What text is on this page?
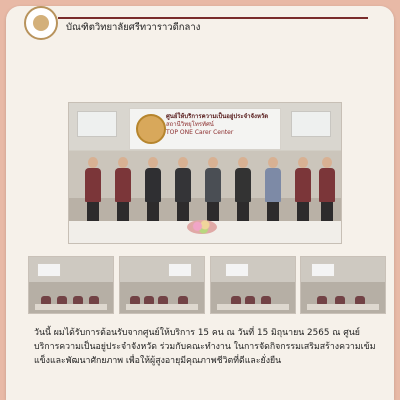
บัณฑิตวิทยาลัยศรีทวาราวดีกลาง
ศูนย์ให้บริการความเป็นอยู่ประจำจังหวัด
สถานีวิทยุโทรทัศน์
TOP ONE Carer Center
วันนี้ ผมได้รับการต้อนรับจากศูนย์ให้บริการ 15 คน ณ วันที่ 15 มิถุนายน 2565 ณ ศูนย์บริการความเป็นอยู่ประจำจังหวัด ร่วมกับคณะทำงาน ในการจัดกิจกรรมเสริมสร้างความเข้มแข็งและพัฒนาศักยภาพ เพื่อให้ผู้สูงอายุมีคุณภาพชีวิตที่ดีและยั่งยืน
